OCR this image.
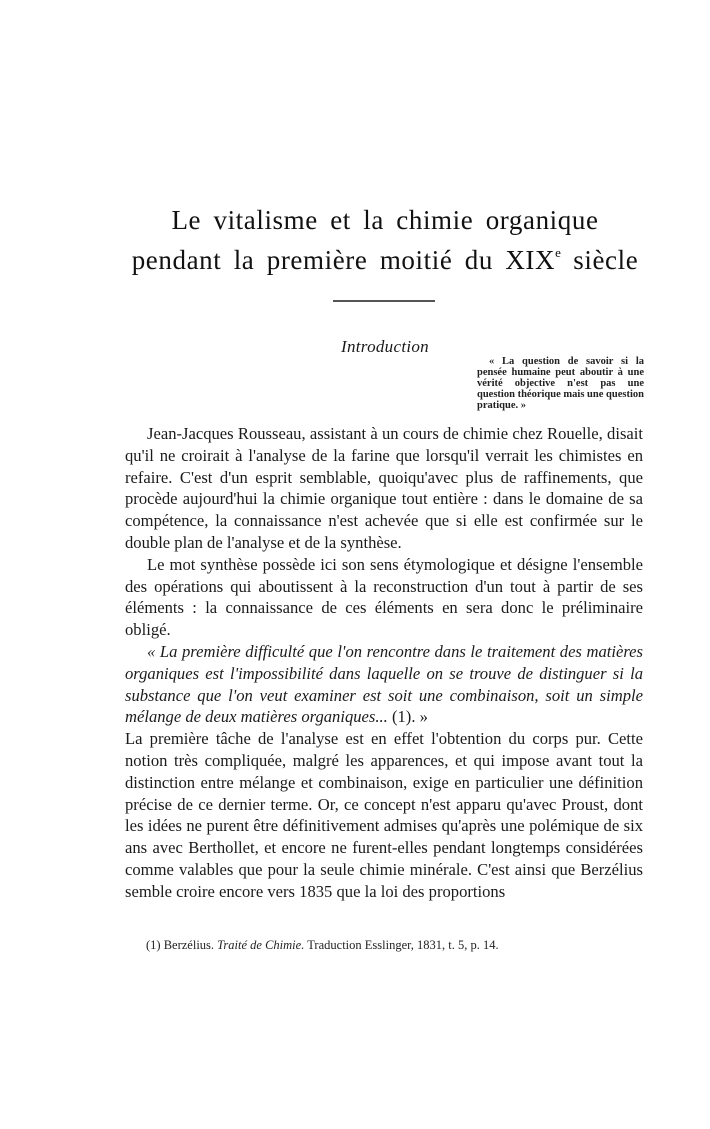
Le vitalisme et la chimie organique
pendant la première moitié du XIXe siècle
Introduction

« La question de savoir si la pensée humaine peut aboutir à une vérité objective n'est pas une question théorique mais une question pratique. »

Jean-Jacques Rousseau, assistant à un cours de chimie chez Rouelle, disait qu'il ne croirait à l'analyse de la farine que lorsqu'il verrait les chimistes en refaire. C'est d'un esprit semblable, quoiqu'avec plus de raffinements, que procède aujourd'hui la chimie organique tout entière : dans le domaine de sa compétence, la connaissance n'est achevée que si elle est confirmée sur le double plan de l'analyse et de la synthèse.

Le mot synthèse possède ici son sens étymologique et désigne l'ensemble des opérations qui aboutissent à la reconstruction d'un tout à partir de ses éléments : la connaissance de ces éléments en sera donc le préliminaire obligé.

« La première difficulté que l'on rencontre dans le traitement des matières organiques est l'impossibilité dans laquelle on se trouve de distinguer si la substance que l'on veut examiner est soit une combinaison, soit un simple mélange de deux matières organiques... (1). »

La première tâche de l'analyse est en effet l'obtention du corps pur. Cette notion très compliquée, malgré les apparences, et qui impose avant tout la distinction entre mélange et combinaison, exige en particulier une définition précise de ce dernier terme. Or, ce concept n'est apparu qu'avec Proust, dont les idées ne purent être définitivement admises qu'après une polémique de six ans avec Berthollet, et encore ne furent-elles pendant longtemps considérées comme valables que pour la seule chimie minérale. C'est ainsi que Berzélius semble croire encore vers 1835 que la loi des proportions

(1) Berzélius. Traité de Chimie. Traduction Esslinger, 1831, t. 5, p. 14.
